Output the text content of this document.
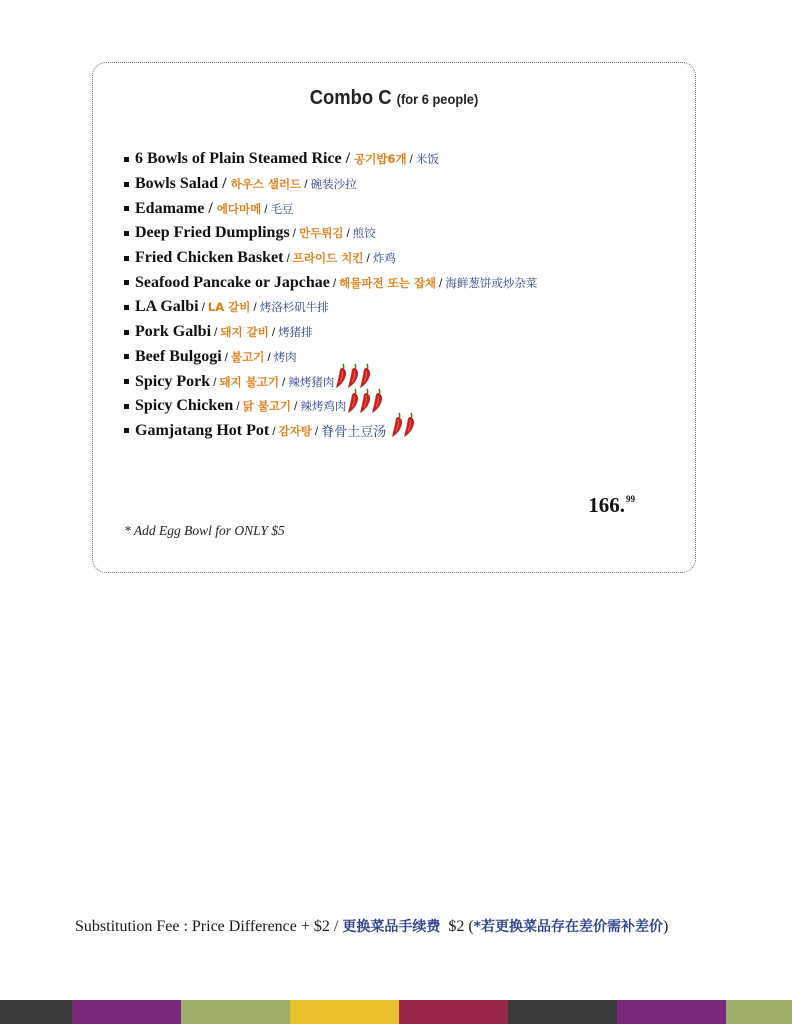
Combo C (for 6 people)
6 Bowls of Plain Steamed Rice / 공기밥6개 / 米饭
Bowls Salad / 하우스 샐러드 / 碗装沙拉
Edamame / 에다마메 / 毛豆
Deep Fried Dumplings / 만두튀김 / 煎饺
Fried Chicken Basket / 프라이드 치킨 / 炸鸡
Seafood Pancake or Japchae / 해물파전 또는 잡채 / 海鲜葱饼或炒杂菜
LA Galbi / LA 갈비 / 烤洛杉矶牛排
Pork Galbi / 돼지 갈비 / 烤猪排
Beef Bulgogi / 불고기 / 烤肉
Spicy Pork / 돼지 불고기 / 辣烤猪肉
Spicy Chicken / 닭 불고기 / 辣烤鸡肉
Gamjatang Hot Pot / 감자탕 / 脊骨土豆汤
166.99
* Add Egg Bowl for ONLY $5
Substitution Fee : Price Difference + $2 / 更换菜品手续费 $2 (*若更换菜品存在差价需补差价)
